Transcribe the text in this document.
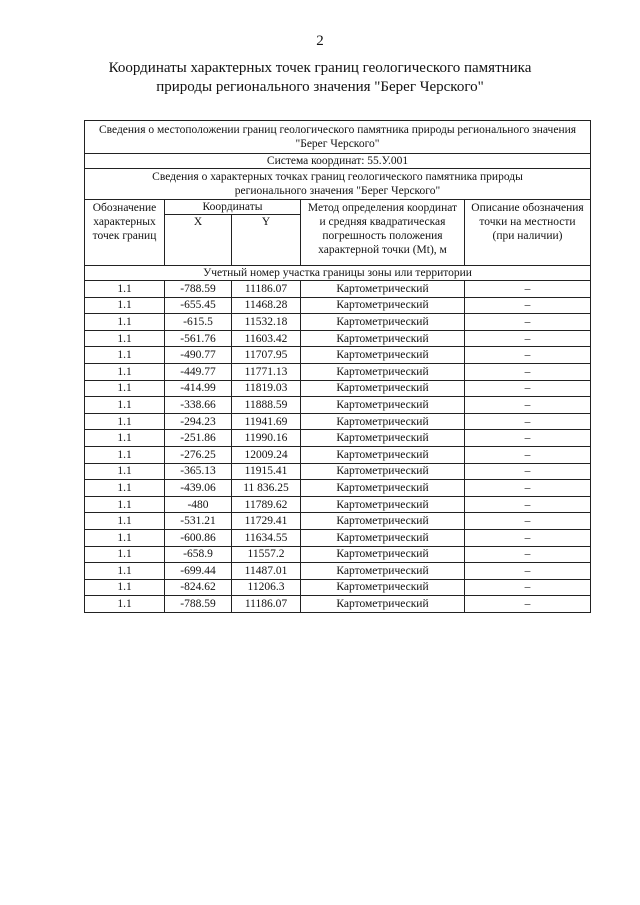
2
Координаты характерных точек границ геологического памятника
природы регионального значения "Берег Черского"
Сведения о местоположении границ геологического памятника природы регионального значения "Берег Черского"				
Система координат: 55.У.001				
Сведения о характерных точках границ геологического памятника природы регионального значения "Берег Черского"				
Обозначение характерных точек границ	Координаты		Метод определения координат и средняя квадратическая погрешность положения характерной точки (Mt), м	Описание обозначения точки на местности (при наличии)
	X	Y		
Учетный номер участка границы зоны или территории				
1.1	-788.59	11186.07	Картометрический	–
1.1	-655.45	11468.28	Картометрический	–
1.1	-615.5	11532.18	Картометрический	–
1.1	-561.76	11603.42	Картометрический	–
1.1	-490.77	11707.95	Картометрический	–
1.1	-449.77	11771.13	Картометрический	–
1.1	-414.99	11819.03	Картометрический	–
1.1	-338.66	11888.59	Картометрический	–
1.1	-294.23	11941.69	Картометрический	–
1.1	-251.86	11990.16	Картометрический	–
1.1	-276.25	12009.24	Картометрический	–
1.1	-365.13	11915.41	Картометрический	–
1.1	-439.06	11 836.25	Картометрический	–
1.1	-480	11789.62	Картометрический	–
1.1	-531.21	11729.41	Картометрический	–
1.1	-600.86	11634.55	Картометрический	–
1.1	-658.9	11557.2	Картометрический	–
1.1	-699.44	11487.01	Картометрический	–
1.1	-824.62	11206.3	Картометрический	–
1.1	-788.59	11186.07	Картометрический	–
